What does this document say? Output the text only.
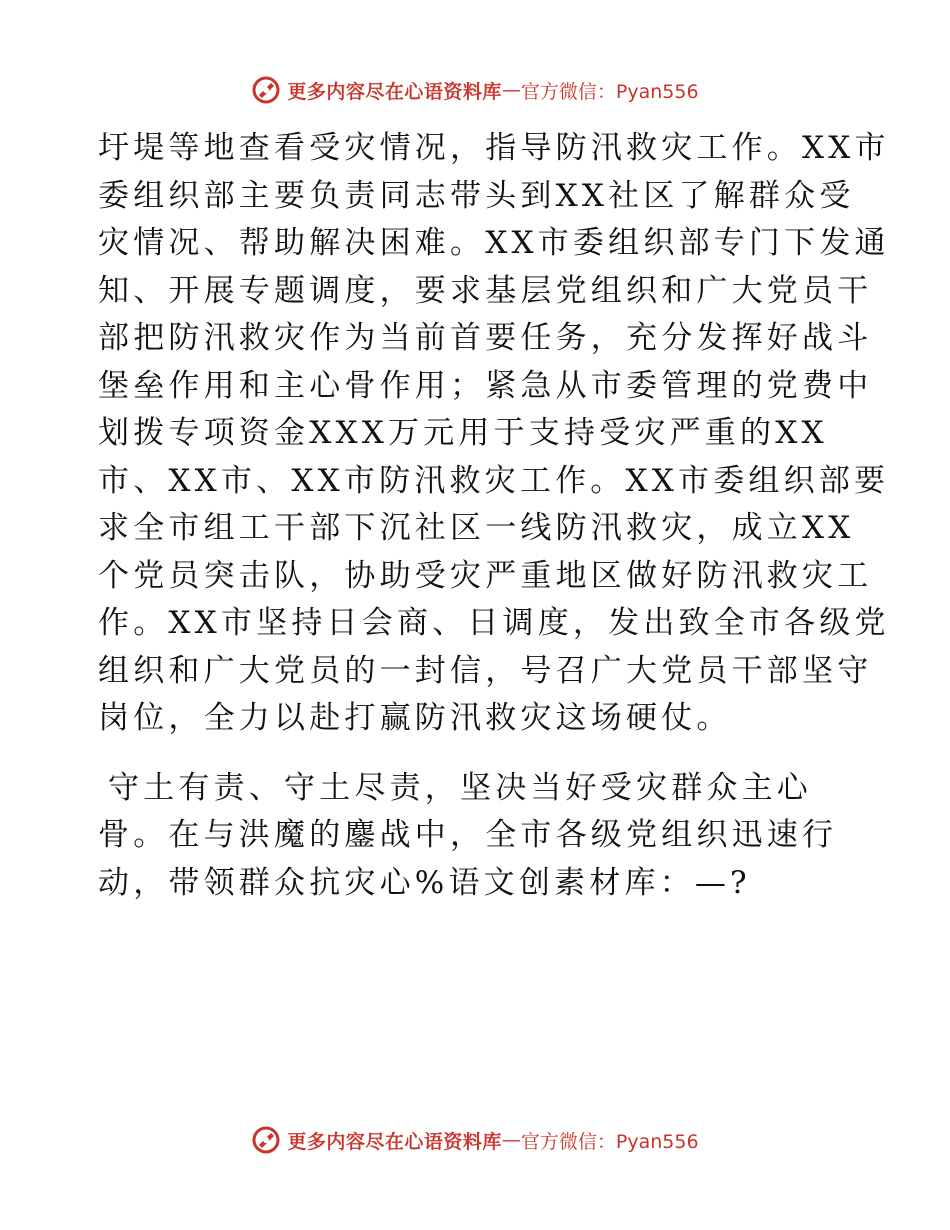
更多内容尽在心语资料库 — 官方微信：Pyan556
圩堤等地查看受灾情况，指导防汛救灾工作。XX市
委组织部主要负责同志带头到XX社区了解群众受
灾情况、帮助解决困难。XX市委组织部专门下发通
知、开展专题调度，要求基层党组织和广大党员干
部把防汛救灾作为当前首要任务，充分发挥好战斗
堡垒作用和主心骨作用；紧急从市委管理的党费中
划拨专项资金XXX万元用于支持受灾严重的XX
市、XX市、XX市防汛救灾工作。XX市委组织部要
求全市组工干部下沉社区一线防汛救灾，成立XX
个党员突击队，协助受灾严重地区做好防汛救灾工
作。XX市坚持日会商、日调度，发出致全市各级党
组织和广大党员的一封信，号召广大党员干部坚守
岗位，全力以赴打赢防汛救灾这场硬仗。
守土有责、守土尽责，坚决当好受灾群众主心
骨。在与洪魔的鏖战中，全市各级党组织迅速行
动，带领群众抗灾心%语文创素材库：—?
更多内容尽在心语资料库 — 官方微信：Pyan556
